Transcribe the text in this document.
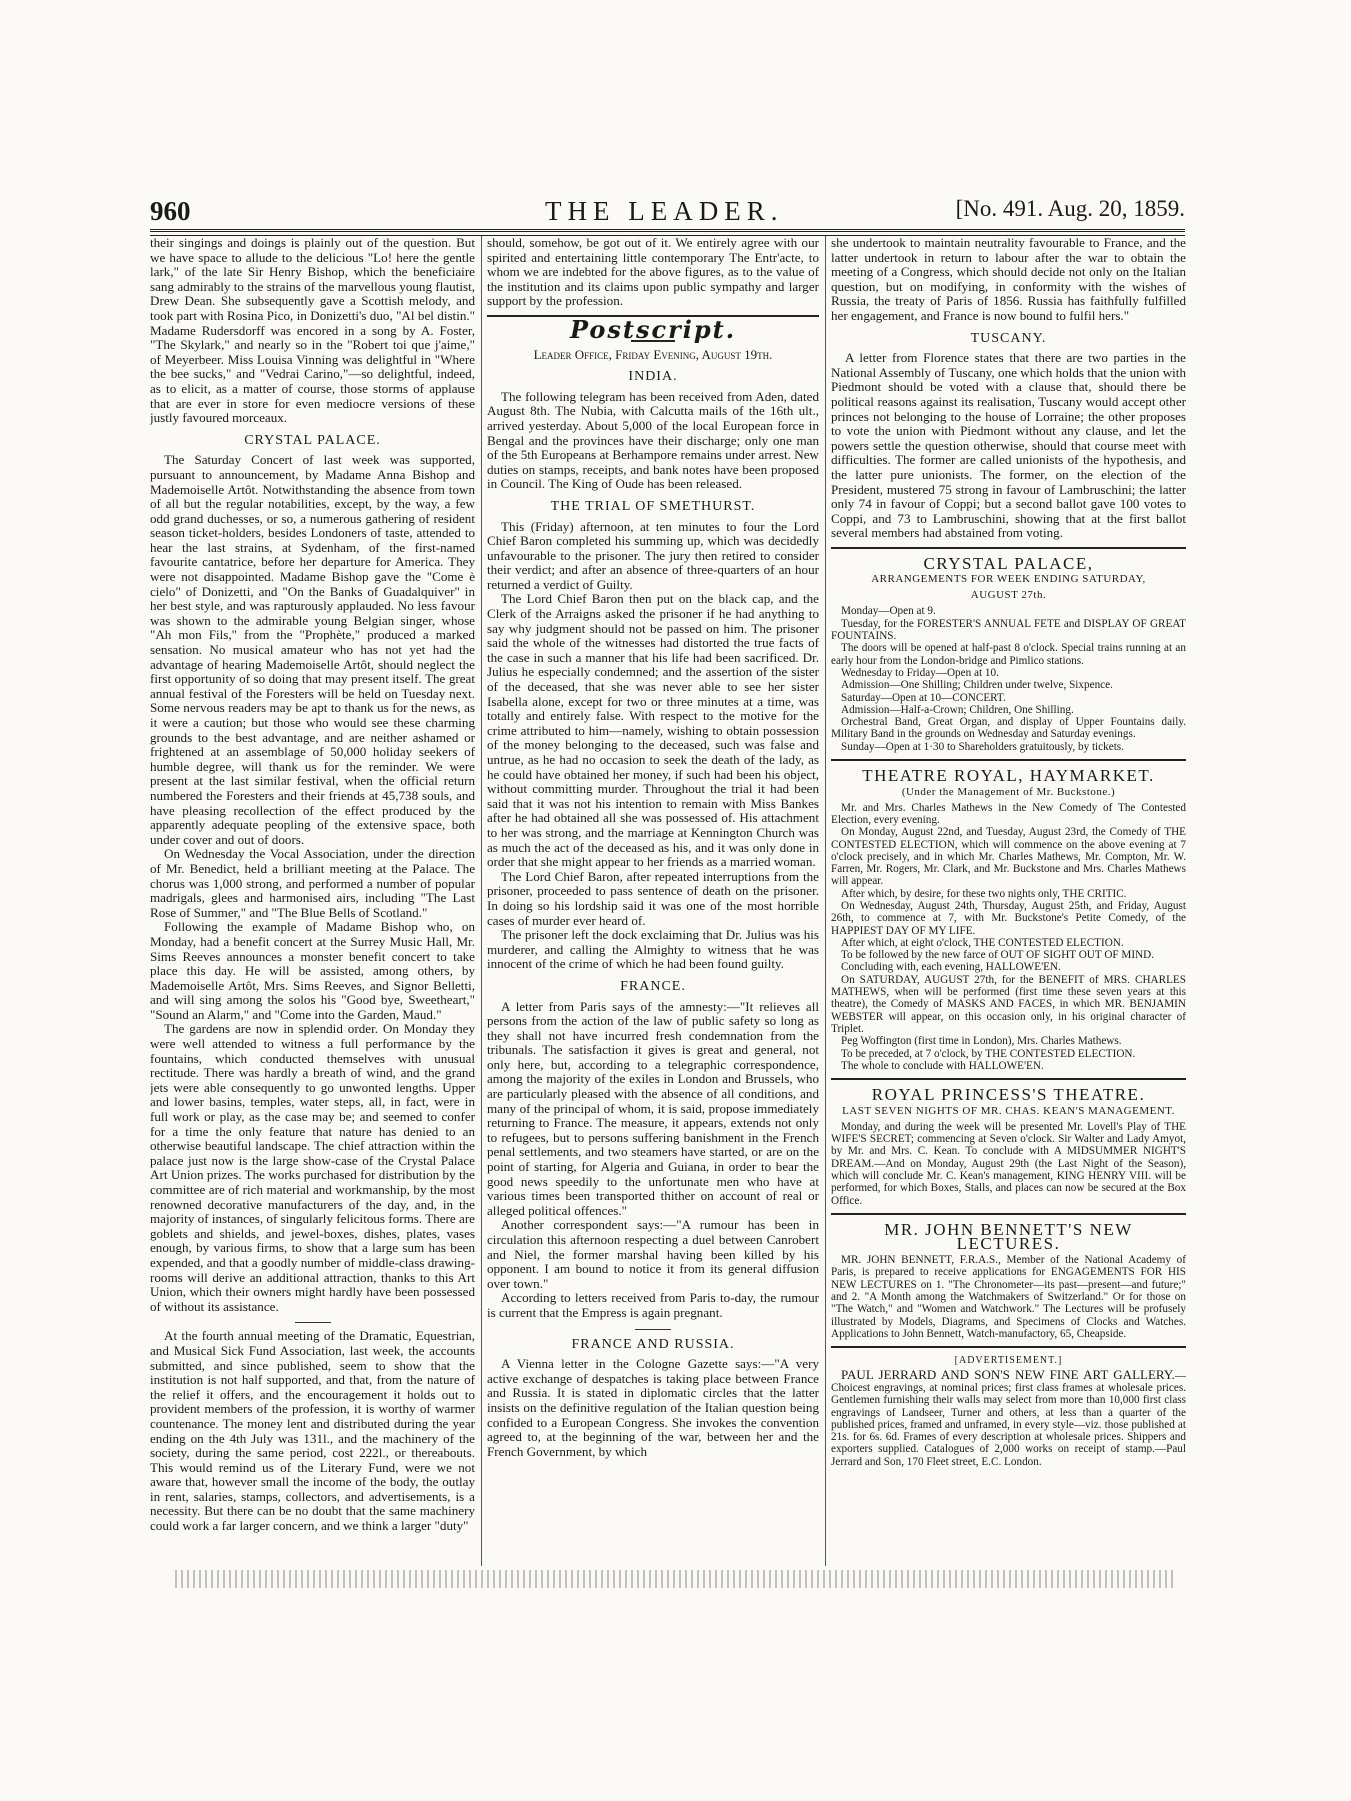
960	THE LEADER.	[No. 491. Aug. 20, 1859.

their singings and doings is plainly out of the question. But we have space to allude to the delicious "Lo! here the gentle lark," of the late Sir Henry Bishop, which the beneficiaire sang admirably to the strains of the marvellous young flautist, Drew Dean. She subsequently gave a Scottish melody, and took part with Rosina Pico, in Donizetti's duo, "Al bel distin." Madame Rudersdorff was encored in a song by A. Foster, "The Skylark," and nearly so in the "Robert toi que j'aime," of Meyerbeer. Miss Louisa Vinning was delightful in "Where the bee sucks," and "Vedrai Carino,"—so delightful, indeed, as to elicit, as a matter of course, those storms of applause that are ever in store for even mediocre versions of these justly favoured morceaux.

CRYSTAL PALACE.

The Saturday Concert of last week was supported, pursuant to announcement, by Madame Anna Bishop and Mademoiselle Artôt. Notwithstanding the absence from town of all but the regular notabilities, except, by the way, a few odd grand duchesses, or so, a numerous gathering of resident season ticket-holders, besides Londoners of taste, attended to hear the last strains, at Sydenham, of the first-named favourite cantatrice, before her departure for America. They were not disappointed. Madame Bishop gave the "Come è cielo" of Donizetti, and "On the Banks of Guadalquiver" in her best style, and was rapturously applauded. No less favour was shown to the admirable young Belgian singer, whose "Ah mon Fils," from the "Prophète," produced a marked sensation. No musical amateur who has not yet had the advantage of hearing Mademoiselle Artôt, should neglect the first opportunity of so doing that may present itself. The great annual festival of the Foresters will be held on Tuesday next. Some nervous readers may be apt to thank us for the news, as it were a caution; but those who would see these charming grounds to the best advantage, and are neither ashamed or frightened at an assemblage of 50,000 holiday seekers of humble degree, will thank us for the reminder. We were present at the last similar festival, when the official return numbered the Foresters and their friends at 45,738 souls, and have pleasing recollection of the effect produced by the apparently adequate peopling of the extensive space, both under cover and out of doors.

On Wednesday the Vocal Association, under the direction of Mr. Benedict, held a brilliant meeting at the Palace. The chorus was 1,000 strong, and performed a number of popular madrigals, glees and harmonised airs, including "The Last Rose of Summer," and "The Blue Bells of Scotland."

Following the example of Madame Bishop who, on Monday, had a benefit concert at the Surrey Music Hall, Mr. Sims Reeves announces a monster benefit concert to take place this day. He will be assisted, among others, by Mademoiselle Artôt, Mrs. Sims Reeves, and Signor Belletti, and will sing among the solos his "Good bye, Sweetheart," "Sound an Alarm," and "Come into the Garden, Maud."

The gardens are now in splendid order. On Monday they were well attended to witness a full performance by the fountains, which conducted themselves with unusual rectitude. There was hardly a breath of wind, and the grand jets were able consequently to go unwonted lengths. Upper and lower basins, temples, water steps, all, in fact, were in full work or play, as the case may be; and seemed to confer for a time the only feature that nature has denied to an otherwise beautiful landscape. The chief attraction within the palace just now is the large show-case of the Crystal Palace Art Union prizes. The works purchased for distribution by the committee are of rich material and workmanship, by the most renowned decorative manufacturers of the day, and, in the majority of instances, of singularly felicitous forms. There are goblets and shields, and jewel-boxes, dishes, plates, vases enough, by various firms, to show that a large sum has been expended, and that a goodly number of middle-class drawing-rooms will derive an additional attraction, thanks to this Art Union, which their owners might hardly have been possessed of without its assistance.

At the fourth annual meeting of the Dramatic, Equestrian, and Musical Sick Fund Association, last week, the accounts submitted, and since published, seem to show that the institution is not half supported, and that, from the nature of the relief it offers, and the encouragement it holds out to provident members of the profession, it is worthy of warmer countenance. The money lent and distributed during the year ending on the 4th July was 131l., and the machinery of the society, during the same period, cost 222l., or thereabouts. This would remind us of the Literary Fund, were we not aware that, however small the income of the body, the outlay in rent, salaries, stamps, collectors, and advertisements, is a necessity. But there can be no doubt that the same machinery could work a far larger concern, and we think a larger "duty"

should, somehow, be got out of it. We entirely agree with our spirited and entertaining little contemporary The Entr'acte, to whom we are indebted for the above figures, as to the value of the institution and its claims upon public sympathy and larger support by the profession.

Postscript.
Leader Office, Friday Evening, August 19th.
INDIA.

The following telegram has been received from Aden, dated August 8th. The Nubia, with Calcutta mails of the 16th ult., arrived yesterday. About 5,000 of the local European force in Bengal and the provinces have their discharge; only one man of the 5th Europeans at Berhampore remains under arrest. New duties on stamps, receipts, and bank notes have been proposed in Council. The King of Oude has been released.

THE TRIAL OF SMETHURST.

This (Friday) afternoon, at ten minutes to four the Lord Chief Baron completed his summing up, which was decidedly unfavourable to the prisoner. The jury then retired to consider their verdict; and after an absence of three-quarters of an hour returned a verdict of Guilty.

The Lord Chief Baron then put on the black cap, and the Clerk of the Arraigns asked the prisoner if he had anything to say why judgment should not be passed on him. The prisoner said the whole of the witnesses had distorted the true facts of the case in such a manner that his life had been sacrificed. Dr. Julius he especially condemned; and the assertion of the sister of the deceased, that she was never able to see her sister Isabella alone, except for two or three minutes at a time, was totally and entirely false. With respect to the motive for the crime attributed to him—namely, wishing to obtain possession of the money belonging to the deceased, such was false and untrue, as he had no occasion to seek the death of the lady, as he could have obtained her money, if such had been his object, without committing murder. Throughout the trial it had been said that it was not his intention to remain with Miss Bankes after he had obtained all she was possessed of. His attachment to her was strong, and the marriage at Kennington Church was as much the act of the deceased as his, and it was only done in order that she might appear to her friends as a married woman.

The Lord Chief Baron, after repeated interruptions from the prisoner, proceeded to pass sentence of death on the prisoner. In doing so his lordship said it was one of the most horrible cases of murder ever heard of.

The prisoner left the dock exclaiming that Dr. Julius was his murderer, and calling the Almighty to witness that he was innocent of the crime of which he had been found guilty.

FRANCE.

A letter from Paris says of the amnesty:—"It relieves all persons from the action of the law of public safety so long as they shall not have incurred fresh condemnation from the tribunals. The satisfaction it gives is great and general, not only here, but, according to a telegraphic correspondence, among the majority of the exiles in London and Brussels, who are particularly pleased with the absence of all conditions, and many of the principal of whom, it is said, propose immediately returning to France. The measure, it appears, extends not only to refugees, but to persons suffering banishment in the French penal settlements, and two steamers have started, or are on the point of starting, for Algeria and Guiana, in order to bear the good news speedily to the unfortunate men who have at various times been transported thither on account of real or alleged political offences."

Another correspondent says:—"A rumour has been in circulation this afternoon respecting a duel between Canrobert and Niel, the former marshal having been killed by his opponent. I am bound to notice it from its general diffusion over town."

According to letters received from Paris to-day, the rumour is current that the Empress is again pregnant.

FRANCE AND RUSSIA.

A Vienna letter in the Cologne Gazette says:—"A very active exchange of despatches is taking place between France and Russia. It is stated in diplomatic circles that the latter insists on the definitive regulation of the Italian question being confided to a European Congress. She invokes the convention agreed to, at the beginning of the war, between her and the French Government, by which

she undertook to maintain neutrality favourable to France, and the latter undertook in return to labour after the war to obtain the meeting of a Congress, which should decide not only on the Italian question, but on modifying, in conformity with the wishes of Russia, the treaty of Paris of 1856. Russia has faithfully fulfilled her engagement, and France is now bound to fulfil hers."

TUSCANY.

A letter from Florence states that there are two parties in the National Assembly of Tuscany, one which holds that the union with Piedmont should be voted with a clause that, should there be political reasons against its realisation, Tuscany would accept other princes not belonging to the house of Lorraine; the other proposes to vote the union with Piedmont without any clause, and let the powers settle the question otherwise, should that course meet with difficulties. The former are called unionists of the hypothesis, and the latter pure unionists. The former, on the election of the President, mustered 75 strong in favour of Lambruschini; the latter only 74 in favour of Coppi; but a second ballot gave 100 votes to Coppi, and 73 to Lambruschini, showing that at the first ballot several members had abstained from voting.

CRYSTAL PALACE,
ARRANGEMENTS FOR WEEK ENDING SATURDAY,
AUGUST 27th.

Monday—Open at 9.

Tuesday, for the FORESTER'S ANNUAL FETE and DISPLAY OF GREAT FOUNTAINS.

The doors will be opened at half-past 8 o'clock. Special trains running at an early hour from the London-bridge and Pimlico stations.

Wednesday to Friday—Open at 10.

Admission—One Shilling; Children under twelve, Sixpence.

Saturday—Open at 10—CONCERT.

Admission—Half-a-Crown; Children, One Shilling.

Orchestral Band, Great Organ, and display of Upper Fountains daily. Military Band in the grounds on Wednesday and Saturday evenings.

Sunday—Open at 1·30 to Shareholders gratuitously, by tickets.

THEATRE ROYAL, HAYMARKET.
(Under the Management of Mr. Buckstone.)

Mr. and Mrs. Charles Mathews in the New Comedy of The Contested Election, every evening.

On Monday, August 22nd, and Tuesday, August 23rd, the Comedy of THE CONTESTED ELECTION, which will commence on the above evening at 7 o'clock precisely, and in which Mr. Charles Mathews, Mr. Compton, Mr. W. Farren, Mr. Rogers, Mr. Clark, and Mr. Buckstone and Mrs. Charles Mathews will appear.

After which, by desire, for these two nights only, THE CRITIC.

On Wednesday, August 24th, Thursday, August 25th, and Friday, August 26th, to commence at 7, with Mr. Buckstone's Petite Comedy, of the HAPPIEST DAY OF MY LIFE.

After which, at eight o'clock, THE CONTESTED ELECTION.

To be followed by the new farce of OUT OF SIGHT OUT OF MIND.

Concluding with, each evening, HALLOWE'EN.

On SATURDAY, AUGUST 27th, for the BENEFIT of MRS. CHARLES MATHEWS, when will be performed (first time these seven years at this theatre), the Comedy of MASKS AND FACES, in which MR. BENJAMIN WEBSTER will appear, on this occasion only, in his original character of Triplet.

Peg Woffington (first time in London), Mrs. Charles Mathews.

To be preceded, at 7 o'clock, by THE CONTESTED ELECTION.

The whole to conclude with HALLOWE'EN.

ROYAL PRINCESS'S THEATRE.
LAST SEVEN NIGHTS OF MR. CHAS. KEAN'S MANAGEMENT.

Monday, and during the week will be presented Mr. Lovell's Play of THE WIFE'S SECRET; commencing at Seven o'clock. Sir Walter and Lady Amyot, by Mr. and Mrs. C. Kean. To conclude with A MIDSUMMER NIGHT'S DREAM.—And on Monday, August 29th (the Last Night of the Season), which will conclude Mr. C. Kean's management, KING HENRY VIII. will be performed, for which Boxes, Stalls, and places can now be secured at the Box Office.

MR. JOHN BENNETT'S NEW LECTURES.

MR. JOHN BENNETT, F.R.A.S., Member of the National Academy of Paris, is prepared to receive applications for ENGAGEMENTS FOR HIS NEW LECTURES on 1. "The Chronometer—its past—present—and future;" and 2. "A Month among the Watchmakers of Switzerland." Or for those on "The Watch," and "Women and Watchwork." The Lectures will be profusely illustrated by Models, Diagrams, and Specimens of Clocks and Watches. Applications to John Bennett, Watch-manufactory, 65, Cheapside.

[ADVERTISEMENT.]

PAUL JERRARD AND SON'S NEW FINE ART GALLERY.—Choicest engravings, at nominal prices; first class frames at wholesale prices. Gentlemen furnishing their walls may select from more than 10,000 first class engravings of Landseer, Turner and others, at less than a quarter of the published prices, framed and unframed, in every style—viz. those published at 21s. for 6s. 6d. Frames of every description at wholesale prices. Shippers and exporters supplied. Catalogues of 2,000 works on receipt of stamp.—Paul Jerrard and Son, 170 Fleet street, E.C. London.
